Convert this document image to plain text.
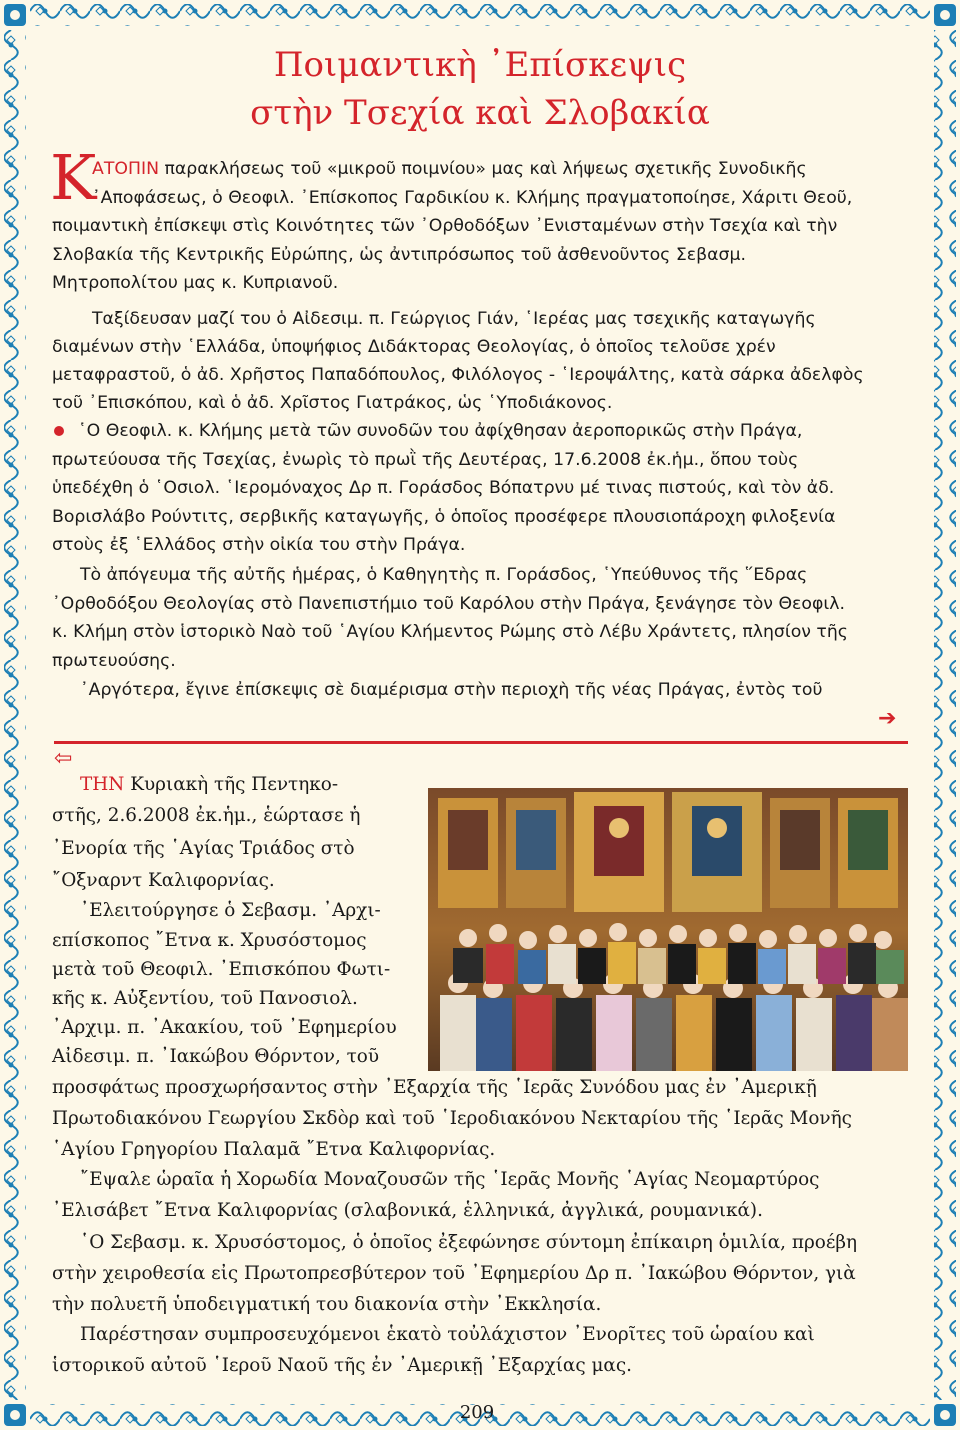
Ποιμαντικὴ ᾿Επίσκεψις
στὴν Τσεχία καὶ Σλοβακία
K
ΑΤΟΠΙΝ παρακλήσεως τοῦ «μικροῦ ποιμνίου» μας καὶ λήψεως σχετικῆς Συνοδικῆς
᾿Αποφάσεως, ὁ Θεοφιλ. ᾿Επίσκοπος Γαρδικίου κ. Κλήμης πραγματοποίησε, Χάριτι Θεοῦ,
ποιμαντικὴ ἐπίσκεψι στὶς Κοινότητες τῶν ᾿Ορθοδόξων ᾿Ενισταμένων στὴν Τσεχία καὶ τὴν
Σλοβακία τῆς Κεντρικῆς Εὐρώπης, ὡς ἀντιπρόσωπος τοῦ ἀσθενοῦντος Σεβασμ.
Μητροπολίτου μας κ. Κυπριανοῦ.
Ταξίδευσαν μαζί του ὁ Αἰδεσιμ. π. Γεώργιος Γιάν, ῾Ιερέας μας τσεχικῆς καταγωγῆς
διαμένων στὴν ῾Ελλάδα, ὑποψήφιος Διδάκτορας Θεολογίας, ὁ ὁποῖος τελοῦσε χρέν
μεταφραστοῦ, ὁ ἀδ. Χρῆστος Παπαδόπουλος, Φιλόλογος - ῾Ιεροψάλτης, κατὰ σάρκα ἀδελφὸς
τοῦ ᾿Επισκόπου, καὶ ὁ ἀδ. Χρῖστος Γιατράκος, ὡς ῾Υποδιάκονος.
῾Ο Θεοφιλ. κ. Κλήμης μετὰ τῶν συνοδῶν του ἀφίχθησαν ἀεροπορικῶς στὴν Πράγα,
πρωτεύουσα τῆς Τσεχίας, ἐνωρὶς τὸ πρωῒ τῆς Δευτέρας, 17.6.2008 ἐκ.ἡμ., ὅπου τοὺς
ὑπεδέχθη ὁ ῾Οσιολ. ῾Ιερομόναχος Δρ π. Γοράσδος Βόπατρνυ μέ τινας πιστούς, καὶ τὸν ἀδ.
Βορισλάβο Ρούντιτς, σερβικῆς καταγωγῆς, ὁ ὁποῖος προσέφερε πλουσιοπάροχη φιλοξενία
στοὺς ἐξ ῾Ελλάδος στὴν οἰκία του στὴν Πράγα.
Τὸ ἀπόγευμα τῆς αὐτῆς ἡμέρας, ὁ Καθηγητὴς π. Γοράσδος, ῾Υπεύθυνος τῆς ῞Εδρας
᾿Ορθοδόξου Θεολογίας στὸ Πανεπιστήμιο τοῦ Καρόλου στὴν Πράγα, ξενάγησε τὸν Θεοφιλ.
κ. Κλήμη στὸν ἱστορικὸ Ναὸ τοῦ ῾Αγίου Κλήμεντος Ρώμης στὸ Λέβυ Χράντετς, πλησίον τῆς
πρωτευούσης.
᾿Αργότερα, ἔγινε ἐπίσκεψις σὲ διαμέρισμα στὴν περιοχὴ τῆς νέας Πράγας, ἐντὸς τοῦ
➔
⇦
ΤΗΝ Κυριακὴ τῆς Πεντηκο-
στῆς, 2.6.2008 ἐκ.ἡμ., ἑώρτασε ἡ
᾿Ενορία τῆς ῾Αγίας Τριάδος στὸ
῎Οξναρντ Καλιφορνίας.
᾿Ελειτούργησε ὁ Σεβασμ. ᾿Αρχι-
επίσκοπος ῎Ετνα κ. Χρυσόστομος
μετὰ τοῦ Θεοφιλ. ᾿Επισκόπου Φωτι-
κῆς κ. Αὐξεντίου, τοῦ Πανοσιολ.
᾿Αρχιμ. π. ᾿Ακακίου, τοῦ ᾿Εφημερίου
Αἰδεσιμ. π. ᾿Ιακώβου Θόρντον, τοῦ
προσφάτως προσχωρήσαντος στὴν ᾿Εξαρχία τῆς ῾Ιερᾶς Συνόδου μας ἐν ᾿Αμερικῇ
Πρωτοδιακόνου Γεωργίου Σκδὸρ καὶ τοῦ ῾Ιεροδιακόνου Νεκταρίου τῆς ῾Ιερᾶς Μονῆς
῾Αγίου Γρηγορίου Παλαμᾶ ῎Ετνα Καλιφορνίας.
῎Εψαλε ὡραῖα ἡ Χορωδία Μοναζουσῶν τῆς ῾Ιερᾶς Μονῆς ῾Αγίας Νεομαρτύρος
᾿Ελισάβετ ῎Ετνα Καλιφορνίας (σλαβονικά, ἑλληνικά, ἀγγλικά, ρουμανικά).
῾Ο Σεβασμ. κ. Χρυσόστομος, ὁ ὁποῖος ἐξεφώνησε σύντομη ἐπίκαιρη ὁμιλία, προέβη
στὴν χειροθεσία εἰς Πρωτοπρεσβύτερον τοῦ ᾿Εφημερίου Δρ π. ᾿Ιακώβου Θόρντον, γιὰ
τὴν πολυετῆ ὑποδειγματική του διακονία στὴν ᾿Εκκλησία.
Παρέστησαν συμπροσευχόμενοι ἑκατὸ τοὐλάχιστον ᾿Ενορῖτες τοῦ ὡραίου καὶ
ἱστορικοῦ αὐτοῦ ῾Ιεροῦ Ναοῦ τῆς ἐν ᾿Αμερικῇ ᾿Εξαρχίας μας.
209
